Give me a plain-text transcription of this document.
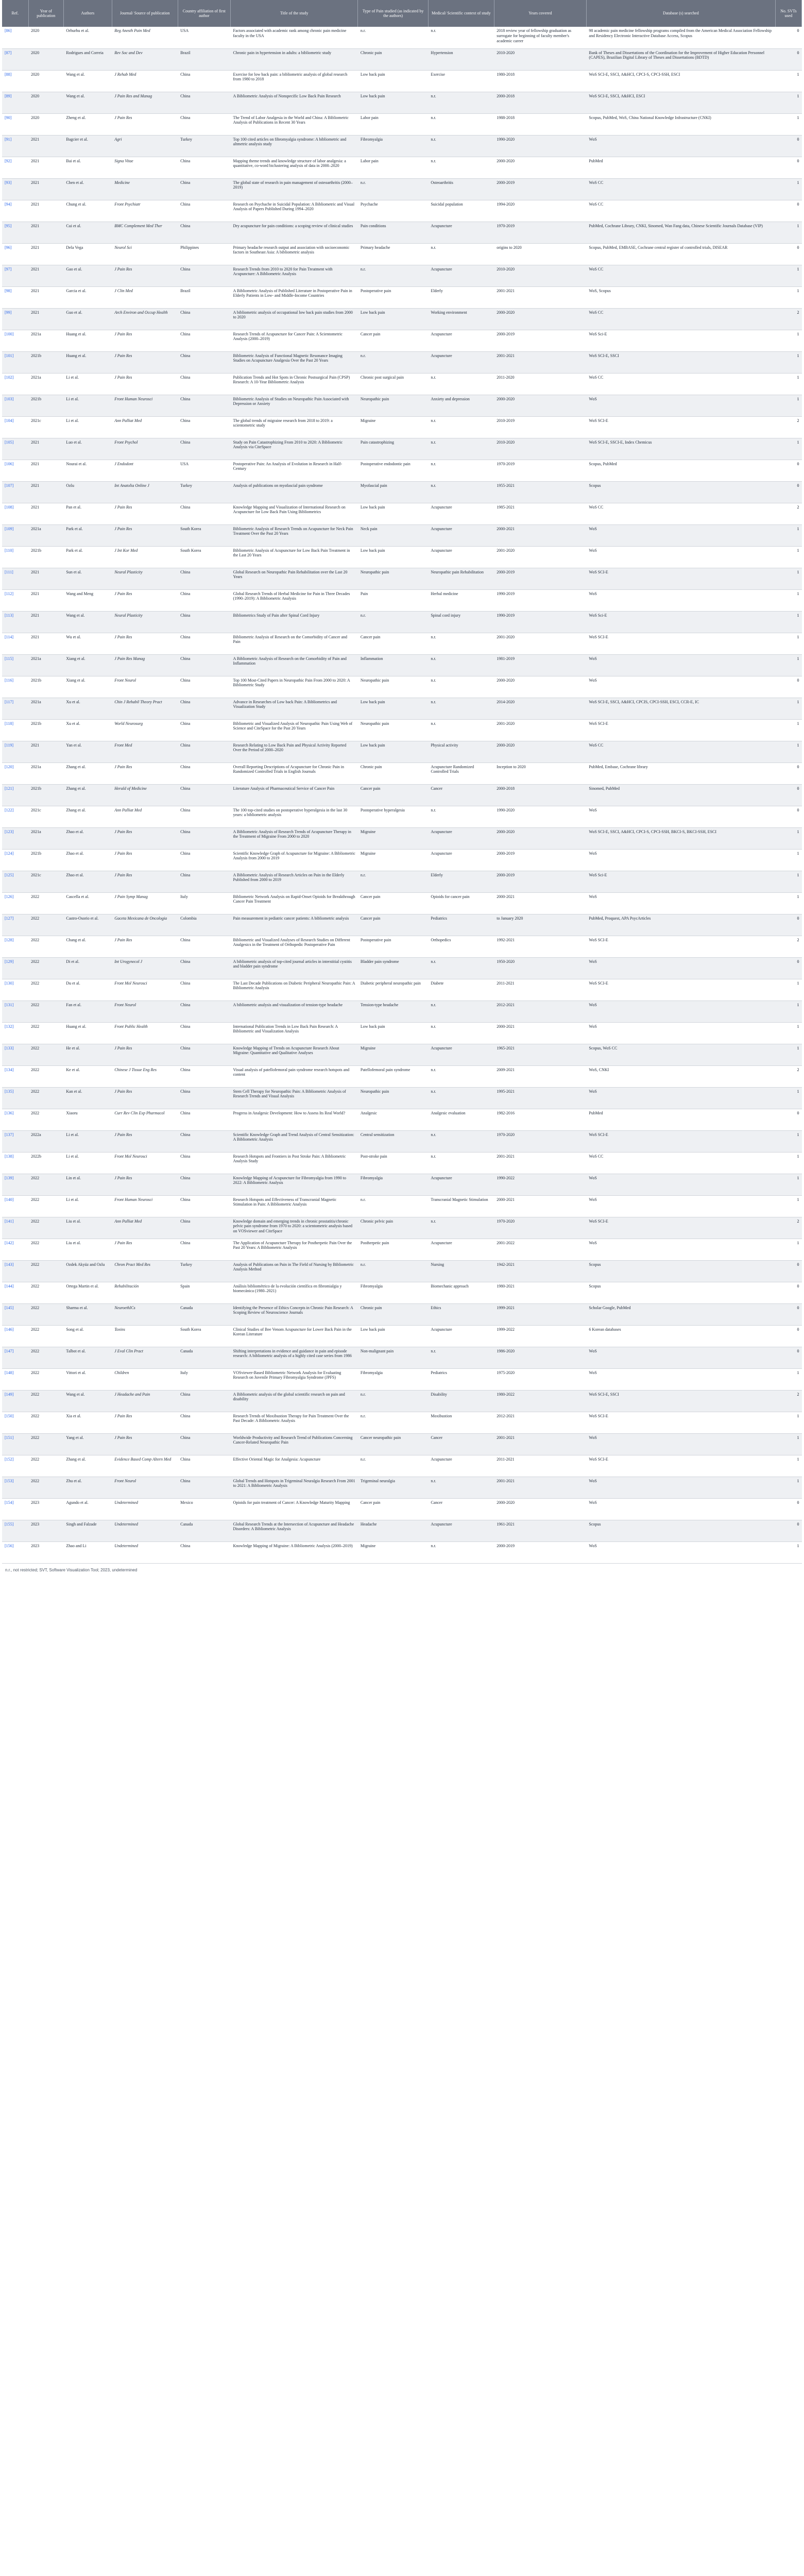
Ref.	Year of publication	Authors	Journal/ Source of publication	Country affiliation of first author	Title of the study	Type of Pain studied (as indicated by the authors)	Medical/ Scientific context of study	Years covered	Database (s) searched	No. SVTs used
[86]	2020	Orhurhu et al.	Reg Anesth Pain Med	USA	Factors associated with academic rank among chronic pain medicine faculty in the USA	n.r.	n.r.	2018 review year of fellowship graduation as surrogate for beginning of faculty member's academic career	98 academic pain medicine fellowship programs compiled from the American Medical Association Fellowship and Residency Electronic Interactive Database Access, Scopus	0
[87]	2020	Rodrigues and Correia	Rev Soc and Dev	Brazil	Chronic pain in hypertension in adults: a bibliometric study	Chronic pain	Hypertension	2010-2020	Bank of Theses and Dissertations of the Coordination for the Improvement of Higher Education Personnel (CAPES), Brazilian Digital Library of Theses and Dissertations (BDTD)	0
[88]	2020	Wang et al.	J Rehab Med	China	Exercise for low back pain: a bibliometric analysis of global research from 1980 to 2018	Low back pain	Exercise	1980-2018	WoS SCI-E, SSCI, A&HCI, CPCI-S, CPCI-SSH, ESCI	1
[89]	2020	Wang et al.	J Pain Res and Manag	China	A Bibliometric Analysis of Nonspecific Low Back Pain Research	Low back pain	n.r.	2000-2018	WoS SCI-E, SSCI, A&HCI, ESCI	1
[90]	2020	Zheng et al.	J Pain Res	China	The Trend of Labor Analgesia in the World and China: A Bibliometric Analysis of Publications in Recent 30 Years	Labor pain	n.r.	1988-2018	Scopus, PubMed, WoS, China National Knowledge Infrastructure (CNKI)	1
[91]	2021	Bagcier et al.	Agri	Turkey	Top 100 cited articles on fibromyalgia syndrome: A bibliometric and altmetric analysis study	Fibromyalgia	n.r.	1990-2020	WoS	0
[92]	2021	Bai et al.	Signa Vitae	China	Mapping theme trends and knowledge structure of labor analgesia: a quantitative, co-word biclustering analysis of data in 2000–2020	Labor pain	n.r.	2000-2020	PubMed	0
[93]	2021	Chen et al.	Medicine	China	The global state of research in pain management of osteoarthritis (2000–2019)	n.r.	Osteoarthritis	2000-2019	WoS CC	1
[94]	2021	Chung et al.	Front Psychiatr	China	Research on Psychache in Suicidal Population: A Bibliometric and Visual Analysis of Papers Published During 1994–2020	Psychache	Suicidal population	1994-2020	WoS CC	0
[95]	2021	Cui et al.	BMC Complement Med Ther	China	Dry acupuncture for pain conditions: a scoping review of clinical studies	Pain conditions	Acupuncture	1970-2019	PubMed, Cochrane Library, CNKI, Sinomed, Wan Fang data, Chinese Scientific Journals Database (VIP)	1
[96]	2021	Dela Vega	Neurol Sci	Philippines	Primary headache research output and association with socioeconomic factors in Southeast Asia: A bibliometric analysis	Primary headache	n.r.	origins to 2020	Scopus, PubMed, EMBASE, Cochrane central register of controlled trials, DISEAR	0
[97]	2021	Gao et al.	J Pain Res	China	Research Trends from 2010 to 2020 for Pain Treatment with Acupuncture: A Bibliometric Analysis	n.r.	Acupuncture	2010-2020	WoS CC	1
[98]	2021	Garcia et al.	J Clin Med	Brazil	A Bibliometric Analysis of Published Literature in Postoperative Pain in Elderly Patients in Low- and Middle-Income Countries	Postoperative pain	Elderly	2001-2021	WoS, Scopus	1
[99]	2021	Guo et al.	Arch Environ and Occup Health	China	A bibliometric analysis of occupational low back pain studies from 2000 to 2020	Low back pain	Working environment	2000-2020	WoS CC	2
[100]	2021a	Huang et al.	J Pain Res	China	Research Trends of Acupuncture for Cancer Pain: A Scientometric Analysis (2000–2019)	Cancer pain	Acupuncture	2000-2019	WoS Sci-E	1
[101]	2021b	Huang et al.	J Pain Res	China	Bibliometric Analysis of Functional Magnetic Resonance Imaging Studies on Acupuncture Analgesia Over the Past 20 Years	n.r.	Acupuncture	2001-2021	WoS SCI-E, SSCI	1
[102]	2021a	Li et al.	J Pain Res	China	Publication Trends and Hot Spots in Chronic Postsurgical Pain (CPSP) Research: A 10-Year Bibliometric Analysis	Chronic post surgical pain	n.r.	2011-2020	WoS CC	1
[103]	2021b	Li et al.	Front Human Neurosci	China	Bibliometric Analysis of Studies on Neuropathic Pain Associated with Depression or Anxiety	Neuropathic pain	Anxiety and depression	2000-2020	WoS	1
[104]	2021c	Li et al.	Ann Palliat Med	China	The global trends of migraine research from 2018 to 2019: a scientometric study	Migraine	n.r.	2010-2019	WoS SCI-E	2
[105]	2021	Luo et al.	Front Psychol	China	Study on Pain Catastrophizing From 2010 to 2020: A Bibliometric Analysis via CiteSpace	Pain catastrophizing	n.r.	2010-2020	WoS SCI-E, SSCI-E, Index Chemicus	1
[106]	2021	Nourai et al.	J Endodont	USA	Postoperative Pain: An Analysis of Evolution in Research in Half-Century	Postoperative endodontic pain	n.r.	1970-2019	Scopus, PubMed	0
[107]	2021	Ozlu	Int Anatolia Online J	Turkey	Analysis of publications on myofascial pain syndrome	Myofascial pain	n.r.	1955-2021	Scopus	0
[108]	2021	Pan et al.	J Pain Res	China	Knowledge Mapping and Visualization of International Research on Acupuncture for Low Back Pain Using Bibliometrics	Low back pain	Acupuncture	1985-2021	WoS CC	2
[109]	2021a	Park et al.	J Pain Res	South Korea	Bibliometric Analysis of Research Trends on Acupuncture for Neck Pain Treatment Over the Past 20 Years	Neck pain	Acupuncture	2000-2021	WoS	1
[110]	2021b	Park et al.	J Int Kor Med	South Korea	Bibliometric Analysis of Acupuncture for Low Back Pain Treatment in the Last 20 Years	Low back pain	Acupuncture	2001-2020	WoS	1
[111]	2021	Sun et al.	Neural Plasticity	China	Global Research on Neuropathic Pain Rehabilitation over the Last 20 Years	Neuropathic pain	Neuropathic pain Rehabilitation	2000-2019	WoS SCI-E	1
[112]	2021	Wang and Meng	J Pain Res	China	Global Research Trends of Herbal Medicine for Pain in Three Decades (1990–2019): A Bibliometric Analysis	Pain	Herbal medicine	1990-2019	WoS	1
[113]	2021	Wang et al.	Neural Plasticity	China	Bibliometrics Study of Pain after Spinal Cord Injury	n.r.	Spinal cord injury	1990-2019	WoS Sci-E	1
[114]	2021	Wu et al.	J Pain Res	China	Bibliometric Analysis of Research on the Comorbidity of Cancer and Pain	Cancer pain	n.r.	2001-2020	WoS SCI-E	1
[115]	2021a	Xiang et al.	J Pain Res Manag	China	A Bibliometric Analysis of Research on the Comorbidity of Pain and Inflammation	Inflammation	n.r.	1981-2019	WoS	1
[116]	2021b	Xiang et al.	Front Neurol	China	Top 100 Most-Cited Papers in Neuropathic Pain From 2000 to 2020: A Bibliometric Study	Neuropathic pain	n.r.	2000-2020	WoS	0
[117]	2021a	Xu et al.	Chin J Rehabil Theory Pract	China	Advance in Researches of Low back Pain: A Bibliometrics and Visualization Study	Low back pain	n.r.	2014-2020	WoS SCI-E, SSCI, A&HCI, CPCIS, CPCI-SSH, ESCI, CCR-E, IC	1
[118]	2021b	Xu et al.	World Neurosurg	China	Bibliometric and Visualized Analysis of Neuropathic Pain Using Web of Science and CiteSpace for the Past 20 Years	Neuropathic pain	n.r.	2001-2020	WoS SCI-E	1
[119]	2021	Yan et al.	Front Med	China	Research Relating to Low Back Pain and Physical Activity Reported Over the Period of 2000–2020	Low back pain	Physical activity	2000-2020	WoS CC	1
[120]	2021a	Zhang et al.	J Pain Res	China	Overall Reporting Descriptions of Acupuncture for Chronic Pain in Randomized Controlled Trials in English Journals	Chronic pain	Acupuncture Randomized Controlled Trials	Inception to 2020	PubMed, Embase, Cochrane library	0
[121]	2021b	Zhang et al.	Herald of Medicine	China	Literature Analysis of Pharmaceutical Service of Cancer Pain	Cancer pain	Cancer	2000-2018	Sinomed, PubMed	0
[122]	2021c	Zhang et al.	Ann Palliat Med	China	The 100 top-cited studies on postoperative hyperalgesia in the last 30 years: a bibliometric analysis	Postoperative hyperalgesia	n.r.	1990-2020	WoS	0
[123]	2021a	Zhao et al.	J Pain Res	China	A Bibliometric Analysis of Research Trends of Acupuncture Therapy in the Treatment of Migraine From 2000 to 2020	Migraine	Acupuncture	2000-2020	WoS SCI-E, SSCI, A&HCI, CPCI-S, CPCI-SSH, BKCI-S, BKCI-SSH, ESCI	1
[124]	2021b	Zhao et al.	J Pain Res	China	Scientific Knowledge Graph of Acupuncture for Migraine: A Bibliometric Analysis from 2000 to 2019	Migraine	Acupuncture	2000-2019	WoS	1
[125]	2021c	Zhao et al.	J Pain Res	China	A Bibliometric Analysis of Research Articles on Pain in the Elderly Published from 2000 to 2019	n.r.	Elderly	2000-2019	WoS Sci-E	1
[126]	2022	Cascella et al.	J Pain Symp Manag	Italy	Bibliometric Network Analysis on Rapid-Onset Opioids for Breakthrough Cancer Pain Treatment	Cancer pain	Opioids for cancer pain	2000-2021	WoS	1
[127]	2022	Castro-Osorio et al.	Gaceta Mexicana de Oncologia	Colombia	Pain measurement in pediatric cancer patients: A bibliometric analysis	Cancer pain	Pediatrics	to January 2020	PubMed, Proquest, APA PsycArticles	0
[128]	2022	Chang et al.	J Pain Res	China	Bibliometric and Visualized Analyses of Research Studies on Different Analgesics in the Treatment of Orthopedic Postoperative Pain	Postoperative pain	Orthopedics	1992-2021	WoS SCI-E	2
[129]	2022	Di et al.	Int Urogynecol J	China	A bibliometric analysis of top-cited journal articles in interstitial cystitis and bladder pain syndrome	Bladder pain syndrome	n.r.	1950-2020	WoS	0
[130]	2022	Du et al.	Front Mol Neurosci	China	The Last Decade Publications on Diabetic Peripheral Neuropathic Pain: A Bibliometric Analysis	Diabetic peripheral neuropathic pain	Diabete	2011-2021	WoS SCI-E	1
[131]	2022	Fan et al.	Front Neurol	China	A bibliometric analysis and visualization of tension-type headache	Tension-type headache	n.r.	2012-2021	WoS	1
[132]	2022	Huang et al.	Front Public Health	China	International Publication Trends in Low Back Pain Research: A Bibliometric and Visualization Analysis	Low back pain	n.r.	2000-2021	WoS	1
[133]	2022	He et al.	J Pain Res	China	Knowledge Mapping of Trends on Acupuncture Research About Migraine: Quantitative and Qualitative Analyses	Migraine	Acupuncture	1965-2021	Scopus, WoS CC	1
[134]	2022	Ke et al.	Chinese J Tissue Eng Res	China	Visual analysis of patellofemoral pain syndrome research hotspots and content	Patellofemoral pain syndrome	n.r.	2009-2021	WoS, CNKI	2
[135]	2022	Kan et al.	J Pain Res	China	Stem Cell Therapy for Neuropathic Pain: A Bibliometric Analysis of Research Trends and Visual Analysis	Neuropathic pain	n.r.	1995-2021	WoS	1
[136]	2022	Xiaoru	Curr Rev Clin Exp Pharmacol	China	Progress in Analgesic Development: How to Assess Its Real World?	Analgesic	Analgesic evaluation	1982-2016	PubMed	0
[137]	2022a	Li et al.	J Pain Res	China	Scientific Knowledge Graph and Trend Analysis of Central Sensitization: A Bibliometric Analysis	Central sensitization	n.r.	1970-2020	WoS SCI-E	1
[138]	2022b	Li et al.	Front Mol Neurosci	China	Research Hotspots and Frontiers in Post Stroke Pain: A Bibliometric Analysis Study	Post-stroke pain	n.r.	2001-2021	WoS CC	1
[139]	2022	Lin et al.	J Pain Res	China	Knowledge Mapping of Acupuncture for Fibromyalgia from 1990 to 2022: A Bibliometric Analysis	Fibromyalgia	Acupuncture	1990-2022	WoS	1
[140]	2022	Li et al.	Front Human Neurosci	China	Research Hotspots and Effectiveness of Transcranial Magnetic Stimulation in Pain: A Bibliometric Analysis	n.r.	Transcranial Magnetic Stimulation	2000-2021	WoS	1
[141]	2022	Liu et al.	Ann Palliat Med	China	Knowledge domain and emerging trends in chronic prostatitis/chronic pelvic pain syndrome from 1970 to 2020: a scientometric analysis based on VOSviewer and CiteSpace	Chronic pelvic pain	n.r.	1970-2020	WoS SCI-E	2
[142]	2022	Liu et al.	J Pain Res	China	The Application of Acupuncture Therapy for Postherpetic Pain Over the Past 20 Years: A Bibliometric Analysis	Postherpetic pain	Acupuncture	2001-2022	WoS	1
[143]	2022	Ozdek Akyüz and Ozlu	Chron Pract Med Res	Turkey	Analysis of Publications on Pain in The Field of Nursing by Bibliometric Analysis Method	n.r.	Nursing	1942-2021	Scopus	0
[144]	2022	Ortega Martin et al.	Rehabilitación	Spain	Análisis bibliométrico de la evolución científica en fibromialgia y biomecánica (1980–2021)	Fibromyalgia	Biomechanic approach	1980-2021	Scopus	0
[145]	2022	Sharma et al.	NeuroethICs	Canada	Identifying the Presence of Ethics Concepts in Chronic Pain Research: A Scoping Review of Neuroscience Journals	Chronic pain	Ethics	1999-2021	Scholar Google, PubMed	0
[146]	2022	Song et al.	Toxins	South Korea	Clinical Studies of Bee Venom Acupuncture for Lower Back Pain in the Korean Literature	Low back pain	Acupuncture	1999-2022	6 Korean databases	0
[147]	2022	Talbot et al.	J Eval Clin Pract	Canada	Shifting interpretations in evidence and guidance in pain and episode research: A bibliometric analysis of a highly cited case series from 1986	Non-malignant pain	n.r.	1986-2020	WoS	0
[148]	2022	Vittori et al.	Children	Italy	VOSviewer-Based Bibliometric Network Analysis for Evaluating Research on Juvenile Primary Fibromyalgia Syndrome (JPFS)	Fibromyalgia	Pediatrics	1975-2020	WoS	1
[149]	2022	Wang et al.	J Headache and Pain	China	A Bibliometric analysis of the global scientific research on pain and disability	n.r.	Disability	1980-2022	WoS SCI-E, SSCI	2
[150]	2022	Xia et al.	J Pain Res	China	Research Trends of Moxibustion Therapy for Pain Treatment Over the Past Decade: A Bibliometric Analysis	n.r.	Moxibustion	2012-2021	WoS SCI-E	1
[151]	2022	Yang et al.	J Pain Res	China	Worldwide Productivity and Research Trend of Publications Concerning Cancer-Related Neuropathic Pain	Cancer neuropathic pain	Cancer	2001-2021	WoS	1
[152]	2022	Zhang et al.	Evidence Based Comp Altern Med	China	Effective Oriental Magic for Analgesia: Acupuncture	n.r.	Acupuncture	2011-2021	WoS SCI-E	1
[153]	2022	Zhu et al.	Front Neurol	China	Global Trends and Hotspots in Trigeminal Neuralgia Research From 2001 to 2021: A Bibliometric Analysis	Trigeminal neuralgia	n.r.	2001-2021	WoS	1
[154]	2023	Agundo et al.	Undetermined	Mexico	Opioids for pain treatment of Cancer: A Knowledge Maturity Mapping	Cancer pain	Cancer	2000-2020	WoS	0
[155]	2023	Singh and Falzade	Undetermined	Canada	Global Research Trends at the Intersection of Acupuncture and Headache Disorders: A Bibliometric Analysis	Headache	Acupuncture	1961-2021	Scopus	0
[156]	2023	Zhao and Li	Undetermined	China	Knowledge Mapping of Migraine: A Bibliometric Analysis (2000–2019)	Migraine	n.r.	2000-2019	WoS	1
n.r., not restricted; SVT, Software Visualization Tool; 2023, undetermined
